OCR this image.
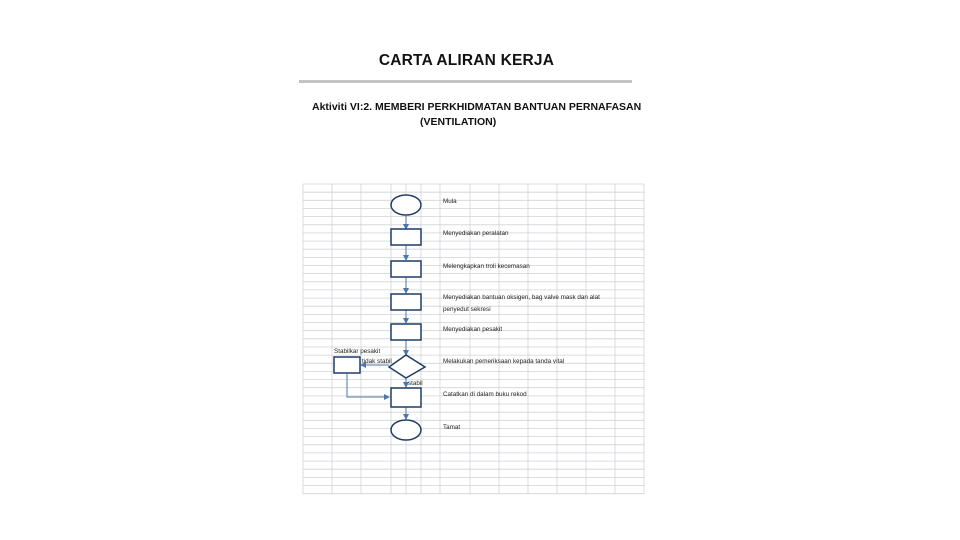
CARTA ALIRAN KERJA
Aktiviti VI:2. MEMBERI PERKHIDMATAN BANTUAN PERNAFASAN
(VENTILATION)
Mula
Menyediakan peralatan
Melengkapkan troli kecemasan
Menyediakan bantuan oksigen, bag valve mask dan alat
penyedut sekresi
Menyediakan pesakit
Melakukan pemeriksaan kepada tanda vital
Stabilkar pesakit
tidak stabil
stabil
Catatkan di dalam buku rekod
Tamat
